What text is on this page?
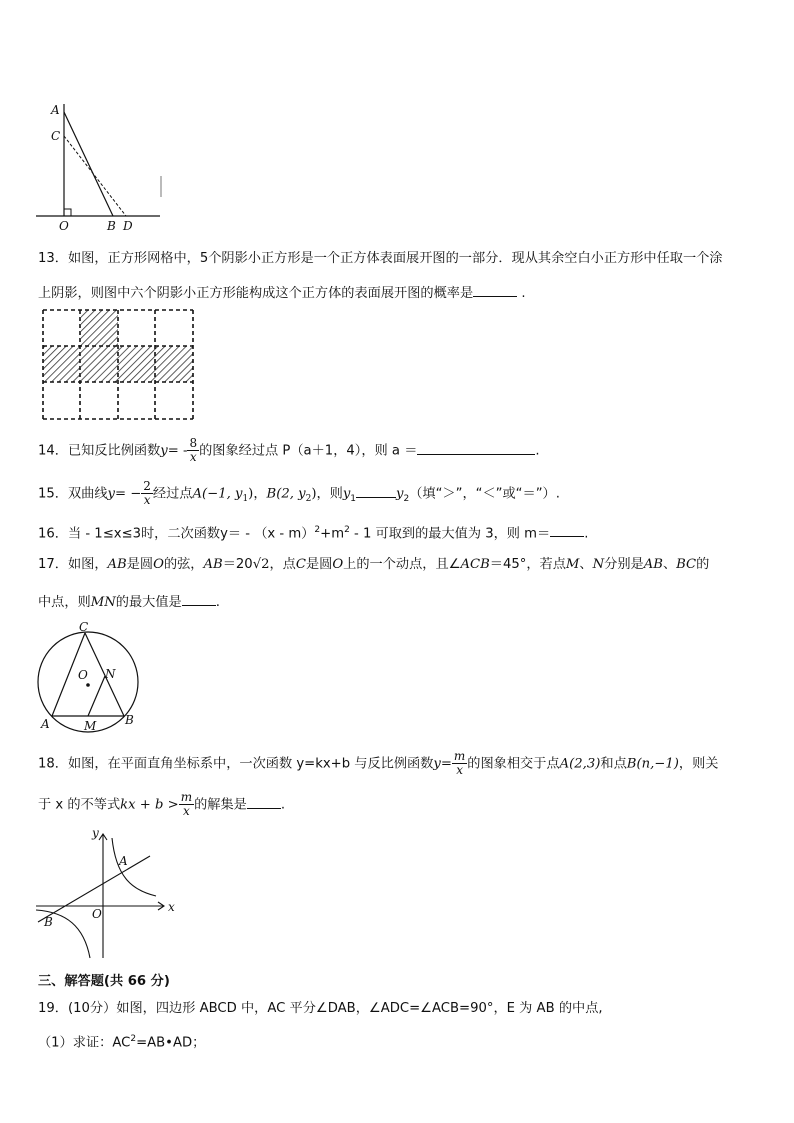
A
C
O	B D
13．如图，正方形网格中，5个阴影小正方形是一个正方体表面展开图的一部分．现从其余空白小正方形中任取一个涂
上阴影，则图中六个阴影小正方形能构成这个正方体的表面展开图的概率是	.
14．已知反比例函数$y= - \frac{8}{x}$ 的图象经过点 P（a＋1，4），则 a ＝	.
15．双曲线$y= - \frac{2}{x}$ 经过点A(−1, $y_1$)，B(2, $y_2$)，则$y_1$	$y_2$（填“＞”，“＜”或“＝”）.
16．当 - 1≤x≤3时，二次函数$y= - (x - m)^2+m^2 - 1$ 可取到的最大值为 3，则 m＝	.
17．如图，AB是圆O的弦，AB＝20√2，点C是圆O上的一个动点，且∠ACB＝45°，若点M、N分别是AB、BC的
中点，则MN的最大值是	.
C
O N
A	M B
18．如图，在平面直角坐标系中，一次函数 y=kx+b 与反比例函数$y= \frac{m}{x}$ 的图象相交于点A(2,3)和点B(n,−1)，则关
于 x 的不等式kx + $b > \frac{m}{x}$ 的解集是	.
y
x
A
B
O
三、解答题(共 66 分)
19．(10分）如图，四边形 ABCD 中，AC 平分∠DAB，∠ADC=∠ACB=90°，E 为 AB 的中点,
（1）求证：$AC^2=AB•AD$；
